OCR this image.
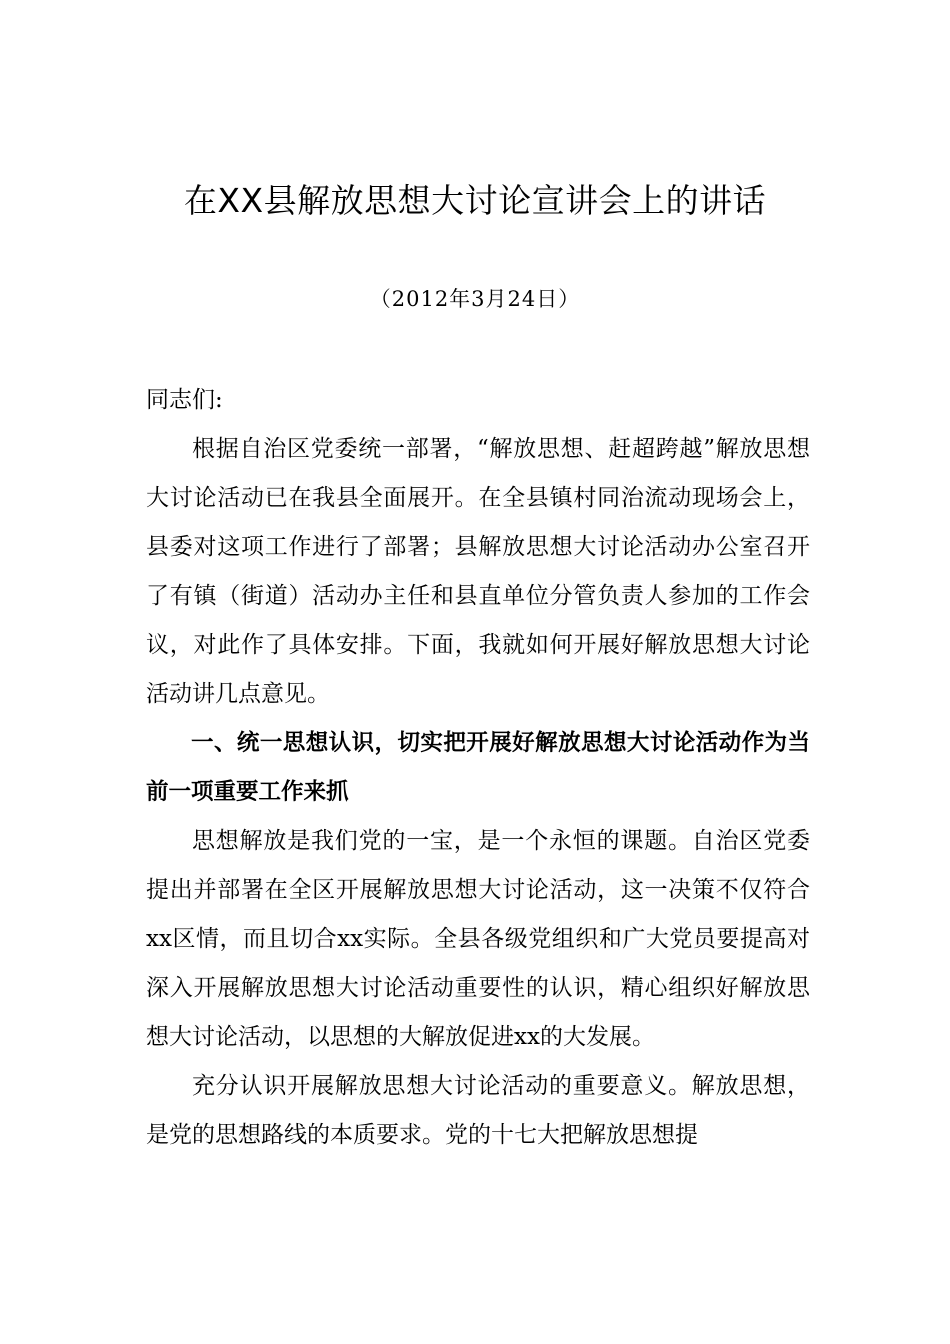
在XX县解放思想大讨论宣讲会上的讲话
（2012年3月24日）

同志们:

根据自治区党委统一部署，“解放思想、赶超跨越”解放思想大讨论活动已在我县全面展开。在全县镇村同治流动现场会上，县委对这项工作进行了部署；县解放思想大讨论活动办公室召开了有镇（街道）活动办主任和县直单位分管负责人参加的工作会议，对此作了具体安排。下面，我就如何开展好解放思想大讨论活动讲几点意见。

一、统一思想认识，切实把开展好解放思想大讨论活动作为当前一项重要工作来抓

思想解放是我们党的一宝，是一个永恒的课题。自治区党委提出并部署在全区开展解放思想大讨论活动，这一决策不仅符合xx区情，而且切合xx实际。全县各级党组织和广大党员要提高对深入开展解放思想大讨论活动重要性的认识，精心组织好解放思想大讨论活动，以思想的大解放促进xx的大发展。

充分认识开展解放思想大讨论活动的重要意义。解放思想，是党的思想路线的本质要求。党的十七大把解放思想提
